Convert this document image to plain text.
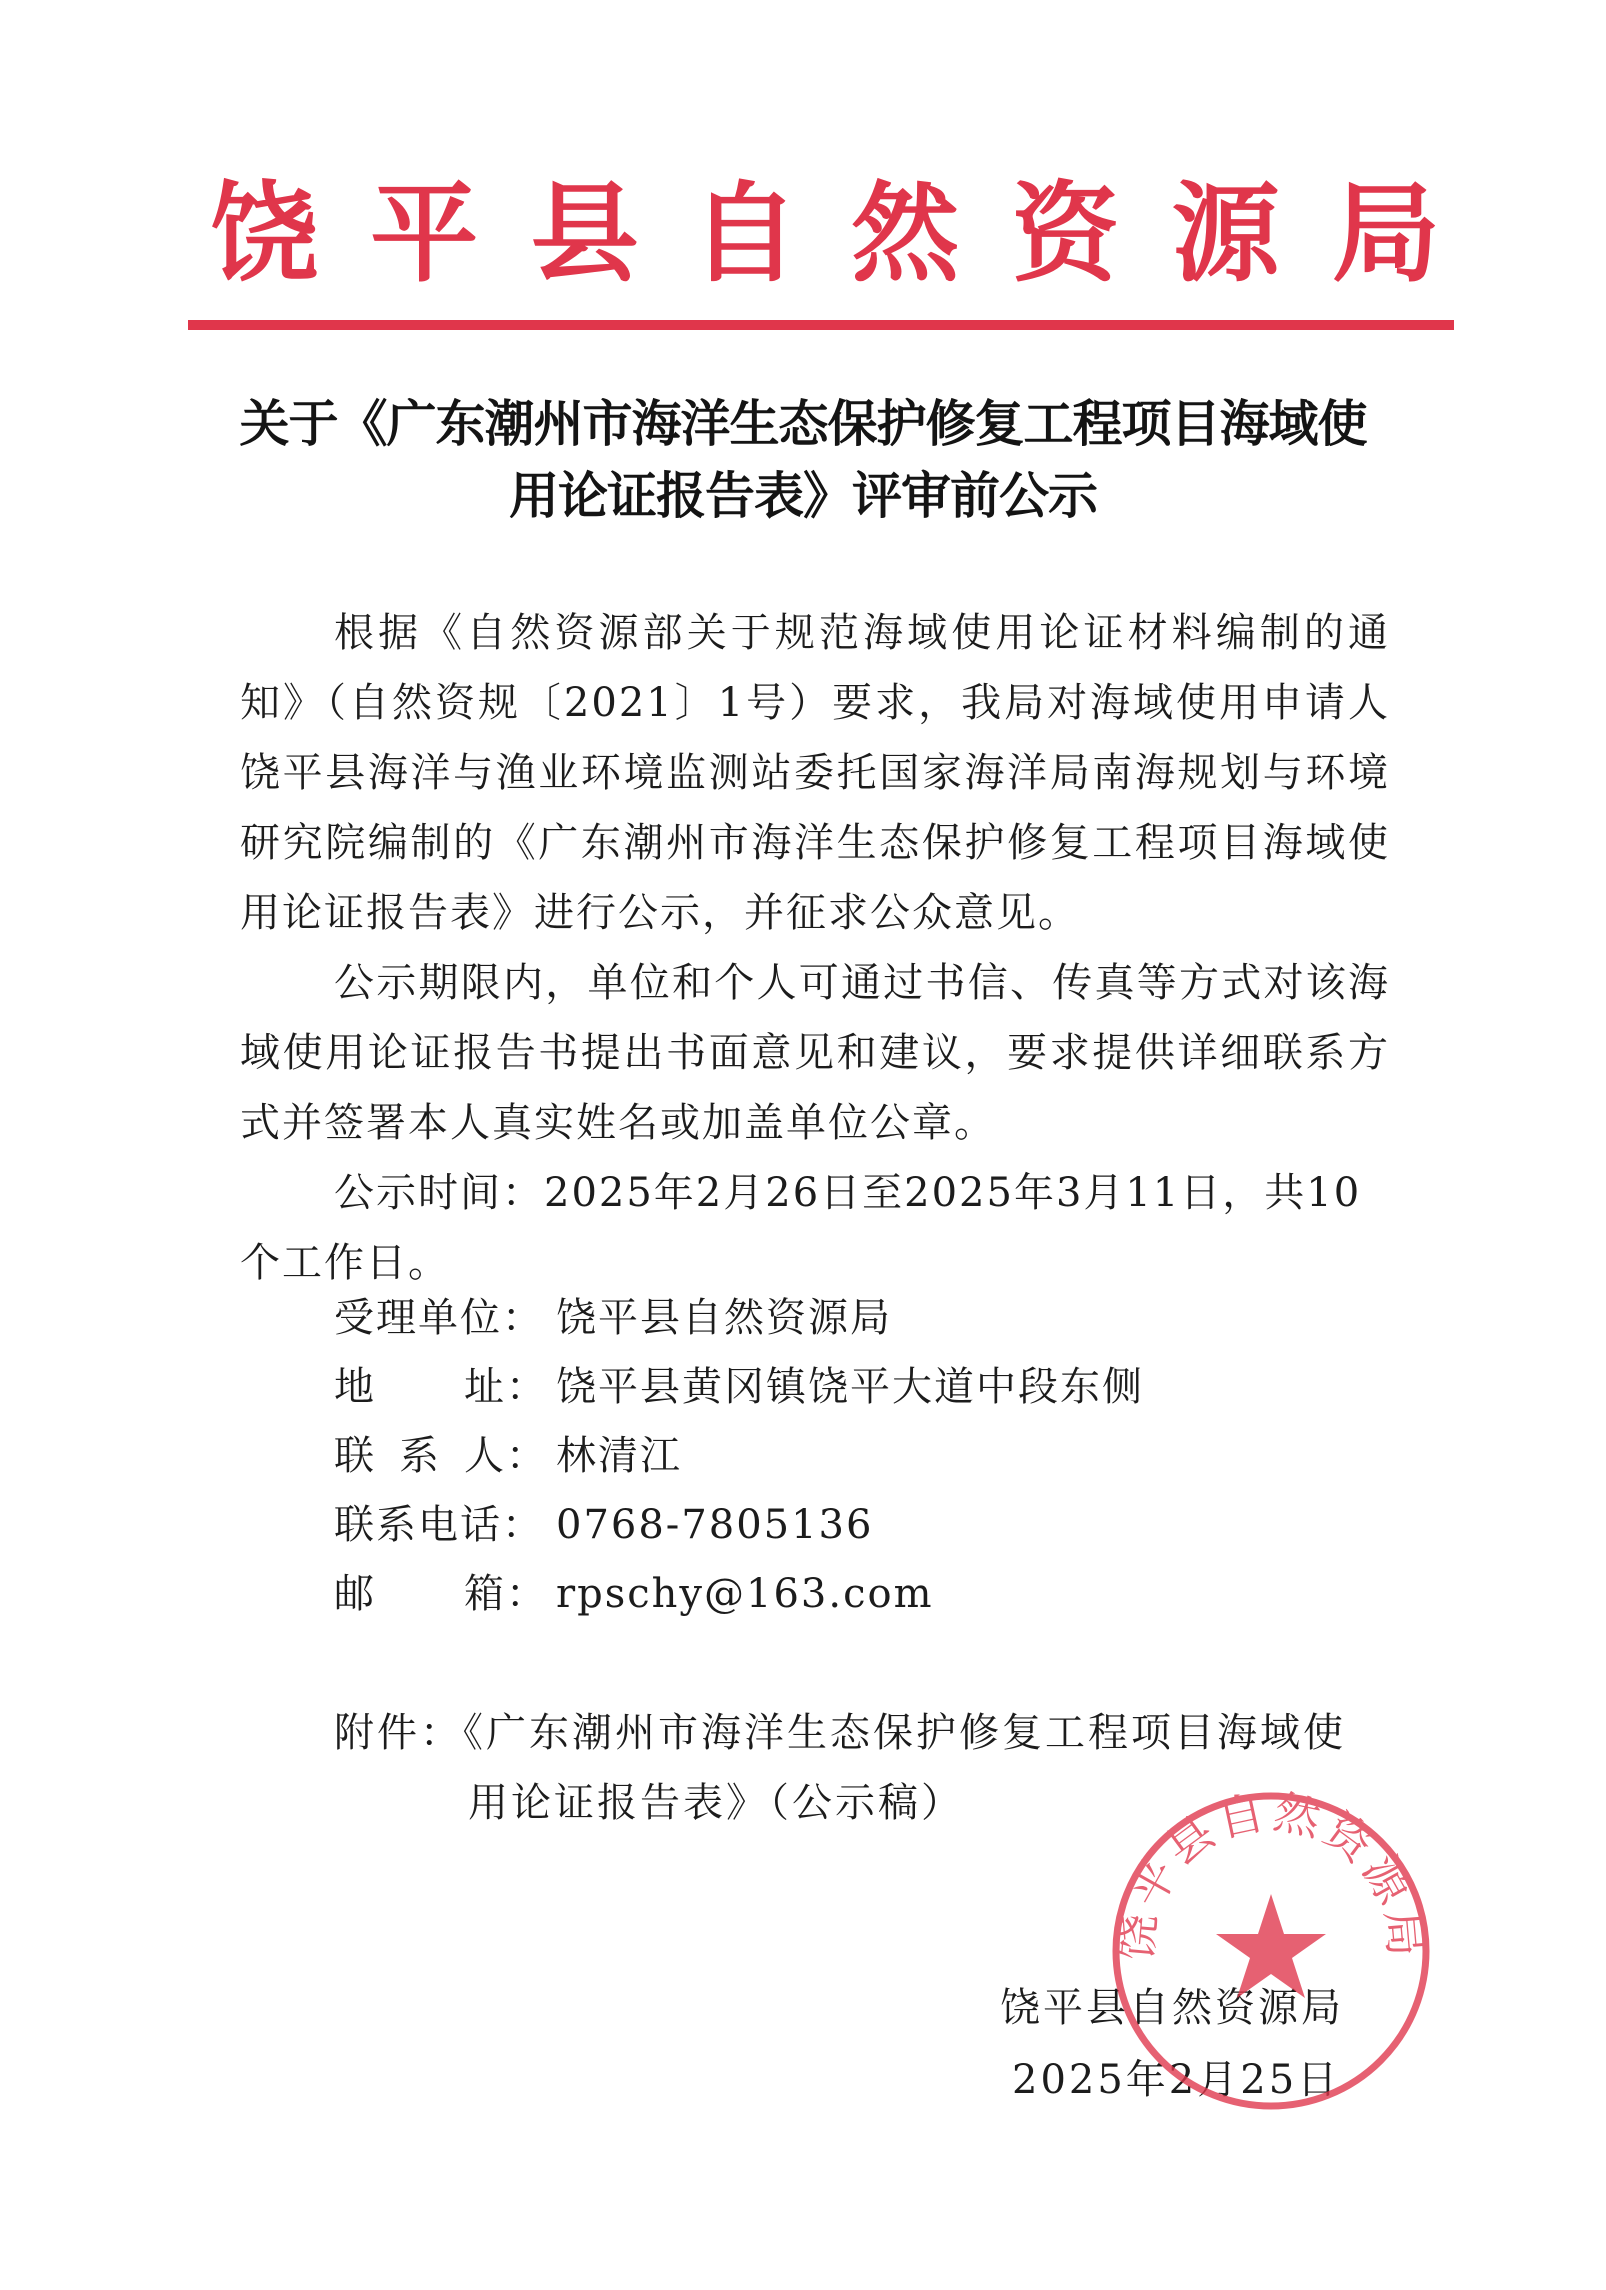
饶 平 县 自 然 资 源 局
关于《广东潮州市海洋生态保护修复工程项目海域使
用论证报告表》评审前公示

根据《自然资源部关于规范海域使用论证材料编制的通知》（自然资规〔2021〕1号）要求，我局对海域使用申请人饶平县海洋与渔业环境监测站委托国家海洋局南海规划与环境研究院编制的《广东潮州市海洋生态保护修复工程项目海域使用论证报告表》进行公示，并征求公众意见。

公示期限内，单位和个人可通过书信、传真等方式对该海域使用论证报告书提出书面意见和建议，要求提供详细联系方式并签署本人真实姓名或加盖单位公章。

公示时间：2025年2月26日至2025年3月11日，共10个工作日。

受理单位： 饶平县自然资源局
地 址： 饶平县黄冈镇饶平大道中段东侧
联 系 人： 林清江
联系电话： 0768-7805136
邮 箱： rpschy@163.com
附件：《广东潮州市海洋生态保护修复工程项目海域使
用论证报告表》（公示稿）
饶平县自然资源局
2025年2月25日
饶平县自然资源局
